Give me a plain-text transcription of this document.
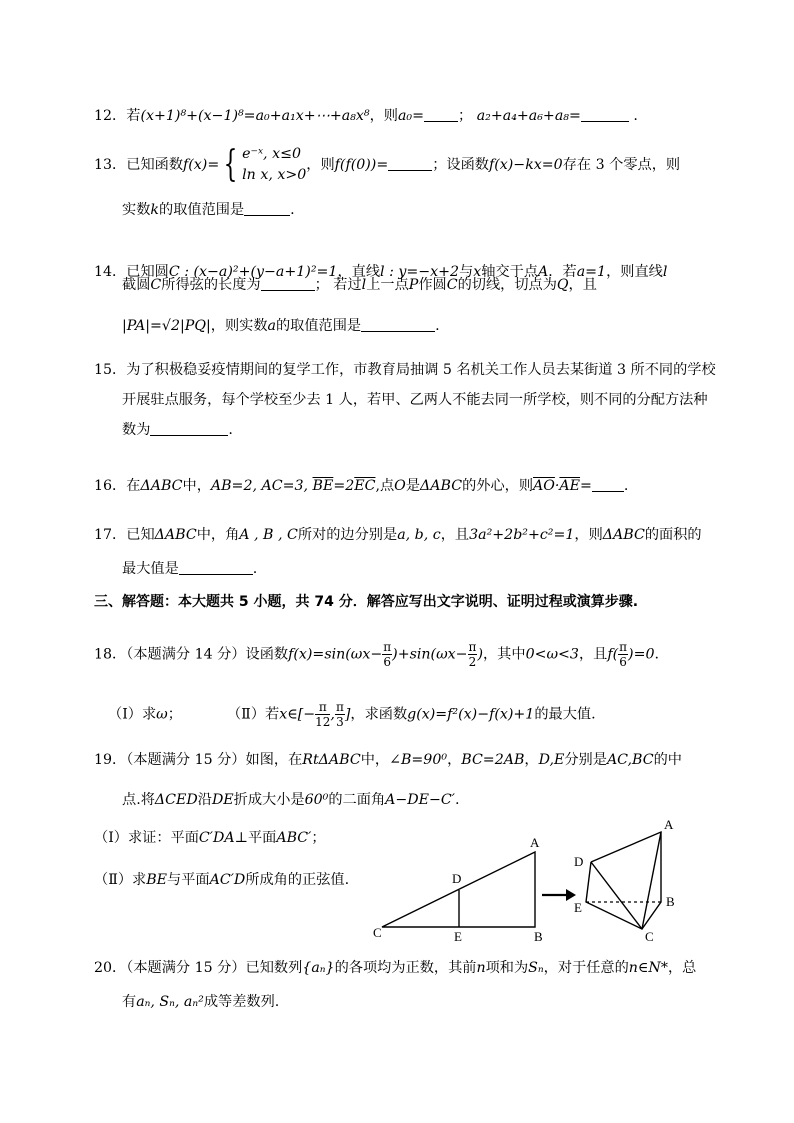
12．若(x+1)⁸+(x−1)⁸=a₀+a₁x+⋯+a₈x⁸，则a₀= ； a₂+a₄+a₆+a₈=	.
13．已知函数f(x)= { e⁻ˣ, x≤0
ln x, x>0
，则f(f(0))=	；设函数f(x)−kx=0存在 3 个零点，则
实数k的取值范围是	.
14．已知圆C : (x−a)²+(y−a+1)²=1，直线l : y=−x+2与x轴交于点A．若a=1，则直线l
截圆C所得弦的长度为	； 若过l上一点P作圆C的切线，切点为Q，且
|PA|=√2|PQ|，则实数a的取值范围是	.
15．为了积极稳妥疫情期间的复学工作，市教育局抽调 5 名机关工作人员去某街道 3 所不同的学校
开展驻点服务，每个学校至少去 1 人，若甲、乙两人不能去同一所学校，则不同的分配方法种
数为	.
16．在ΔABC中，AB=2, AC=3, $\overline{BE}=2\overline{EC}$,点O是ΔABC的外心，则$\overline{AO}\cdot\overline{AE}=$ .
17．已知ΔABC中，角A , B , C所对的边分别是a, b, c，且3a²+2b²+c²=1，则ΔABC的面积的
最大值是	.
三、解答题：本大题共 5 小题，共 74 分．解答应写出文字说明、证明过程或演算步骤.
18．（本题满分 14 分）设函数$f(x)=\sin(\omega x- \frac{\pi}{6} )+\sin(\omega x- \frac{\pi}{2}$ )，其中0<ω<3，且$f( \frac{\pi}{6} )=0$.
（Ⅰ）求ω；	（Ⅱ）若x∈[− $\frac{\pi}{12}$ , $\frac{\pi}{3}$ ]，求函数g(x)=f²(x)−f(x)+1的最大值.
19．（本题满分 15 分）如图，在RtΔABC中，∠B=90⁰，BC=2AB，D,E分别是AC,BC的中
点.将ΔCED沿DE折成大小是60⁰的二面角A−DE−C′.
（Ⅰ）求证：平面C′DA⊥平面ABC′；
（Ⅱ）求BE与平面AC′D所成角的正弦值.
A
D
C	E	B
A
D
E	B
C
20．（本题满分 15 分）已知数列{aₙ}的各项均为正数，其前n项和为Sₙ，对于任意的n∈N*，总
有aₙ, Sₙ, aₙ²成等差数列.
